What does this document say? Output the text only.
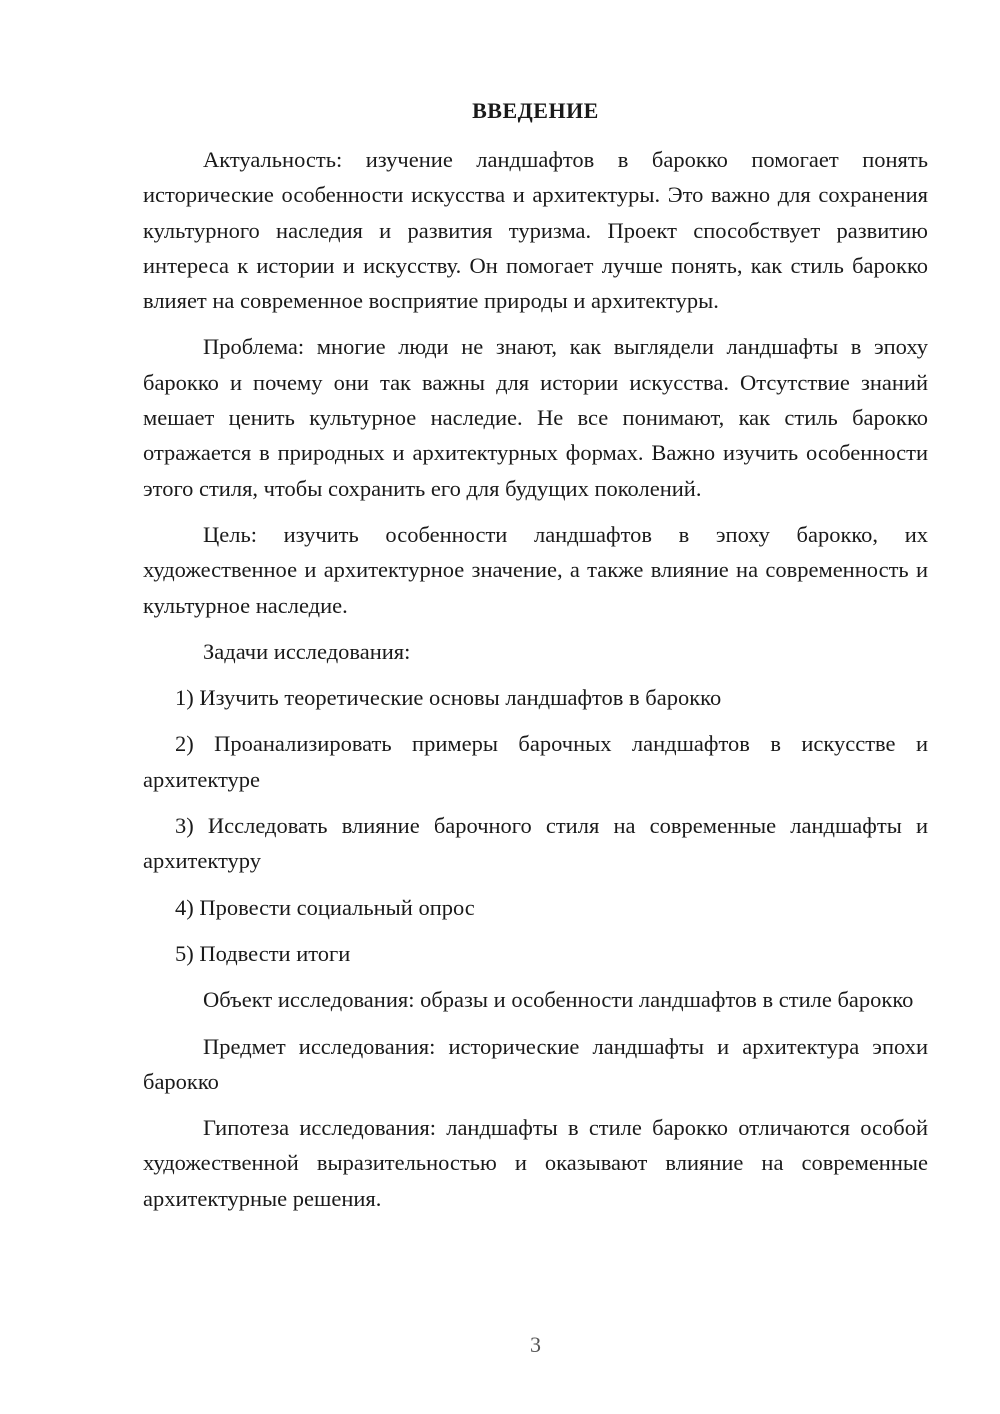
ВВЕДЕНИЕ

Актуальность: изучение ландшафтов в барокко помогает понять исторические особенности искусства и архитектуры. Это важно для сохранения культурного наследия и развития туризма. Проект способствует развитию интереса к истории и искусству. Он помогает лучше понять, как стиль барокко влияет на современное восприятие природы и архитектуры.

Проблема: многие люди не знают, как выглядели ландшафты в эпоху барокко и почему они так важны для истории искусства. Отсутствие знаний мешает ценить культурное наследие. Не все понимают, как стиль барокко отражается в природных и архитектурных формах. Важно изучить особенности этого стиля, чтобы сохранить его для будущих поколений.

Цель: изучить особенности ландшафтов в эпоху барокко, их художественное и архитектурное значение, а также влияние на современность и культурное наследие.

Задачи исследования:

1) Изучить теоретические основы ландшафтов в барокко

2) Проанализировать примеры барочных ландшафтов в искусстве и архитектуре

3) Исследовать влияние барочного стиля на современные ландшафты и архитектуру

4) Провести социальный опрос

5) Подвести итоги

Объект исследования: образы и особенности ландшафтов в стиле барокко

Предмет исследования: исторические ландшафты и архитектура эпохи барокко

Гипотеза исследования: ландшафты в стиле барокко отличаются особой художественной выразительностью и оказывают влияние на современные архитектурные решения.

3
